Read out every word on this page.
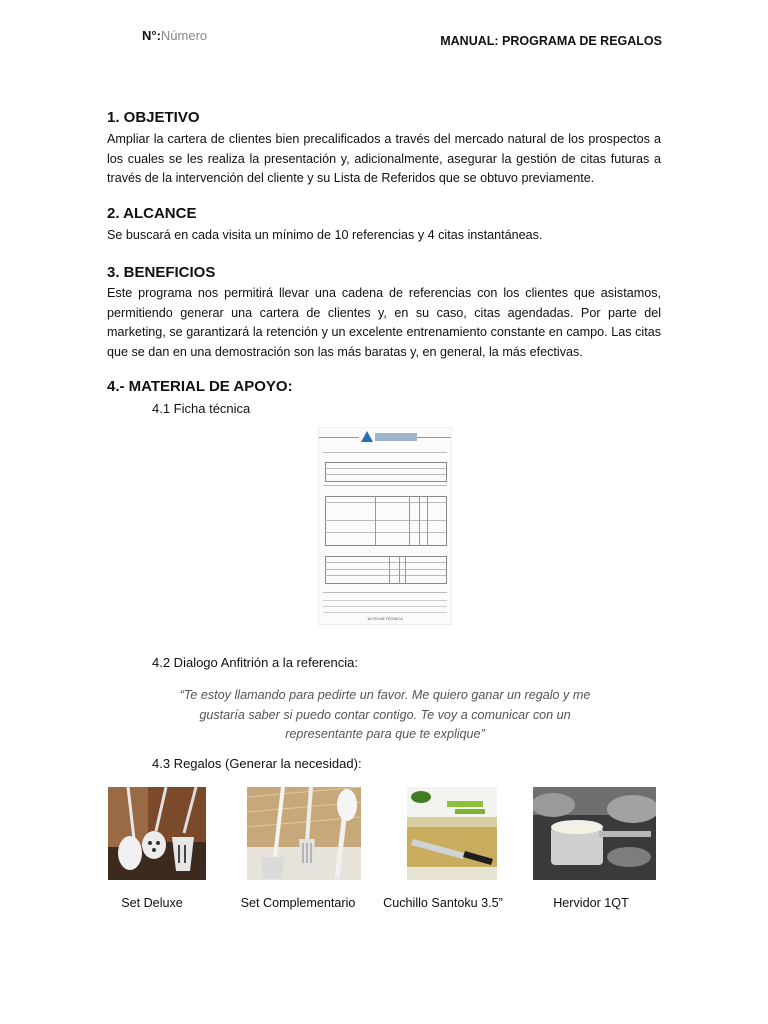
N°:Número	MANUAL: PROGRAMA DE REGALOS
1. OBJETIVO
Ampliar la cartera de clientes bien precalificados a través del mercado natural de los prospectos a los cuales se les realiza la presentación y, adicionalmente, asegurar la gestión de citas futuras a través de la intervención del cliente y su Lista de Referidos que se obtuvo previamente.
2. ALCANCE
Se buscará en cada visita un mínimo de 10 referencias y 4 citas instantáneas.
3. BENEFICIOS
Este programa nos permitirá llevar una cadena de referencias con los clientes que asistamos, permitiendo generar una cartera de clientes y, en su caso, citas agendadas. Por parte del marketing, se garantizará la retención y un excelente entrenamiento constante en campo. Las citas que se dan en una demostración son las más baratas y, en general, la más efectivas.
4.- MATERIAL DE APOYO:
4.1 Ficha técnica
1b FICHA TÉCNICA
4.2 Dialogo Anfitrión a la referencia:
“Te estoy llamando para pedirte un favor. Me quiero ganar un regalo y me gustaría saber si puedo contar contigo. Te voy a comunicar con un representante para que te explique”
4.3 Regalos (Generar la necesidad):
Set Deluxe	Set Complementario	Cuchillo Santoku 3.5”	Hervidor 1QT
